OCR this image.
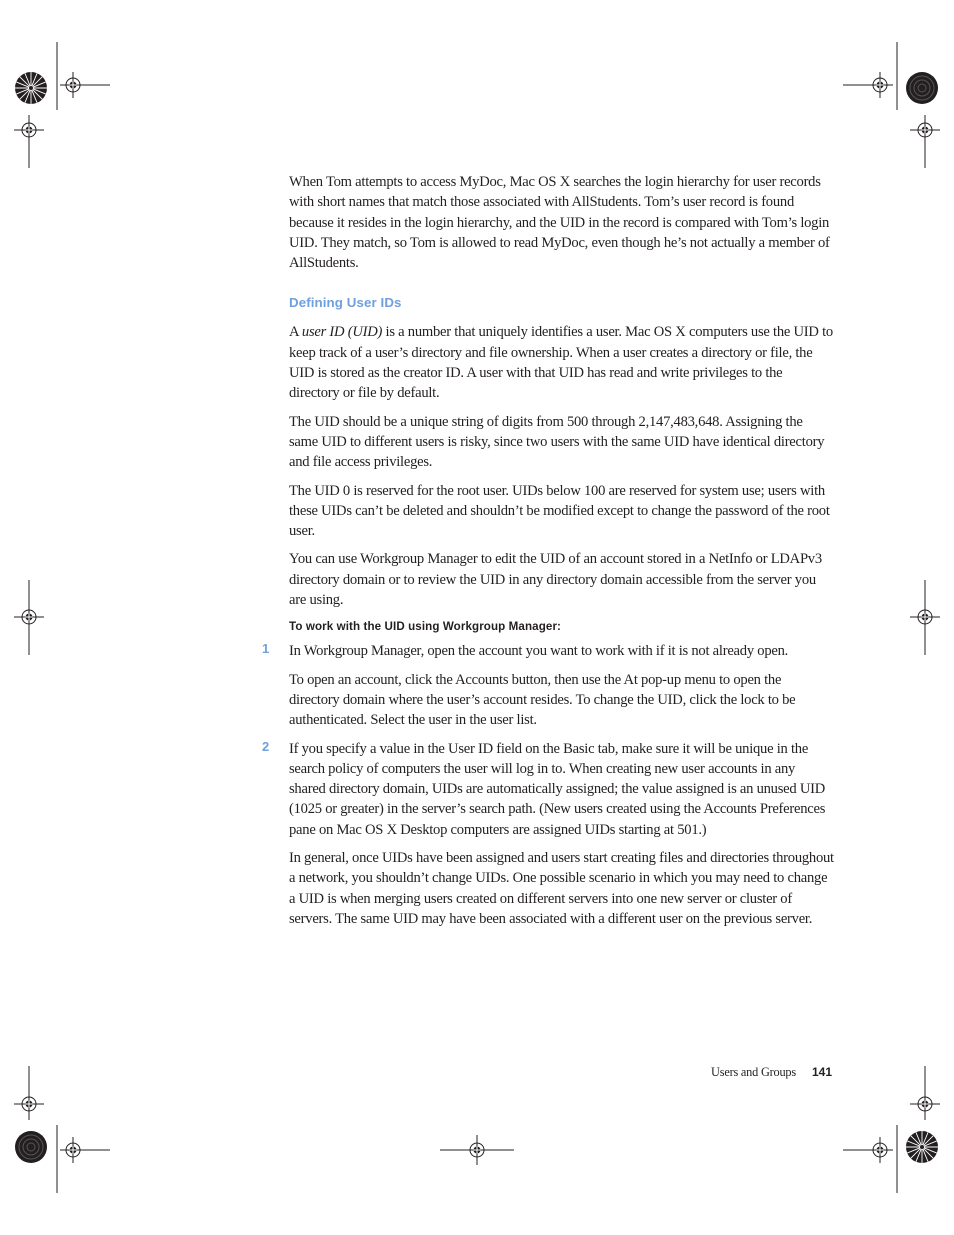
When Tom attempts to access MyDoc, Mac OS X searches the login hierarchy for user records with short names that match those associated with AllStudents. Tom’s user record is found because it resides in the login hierarchy, and the UID in the record is compared with Tom’s login UID. They match, so Tom is allowed to read MyDoc, even though he’s not actually a member of AllStudents.

Defining User IDs

A user ID (UID) is a number that uniquely identifies a user. Mac OS X computers use the UID to keep track of a user’s directory and file ownership. When a user creates a directory or file, the UID is stored as the creator ID. A user with that UID has read and write privileges to the directory or file by default.

The UID should be a unique string of digits from 500 through 2,147,483,648. Assigning the same UID to different users is risky, since two users with the same UID have identical directory and file access privileges.

The UID 0 is reserved for the root user. UIDs below 100 are reserved for system use; users with these UIDs can’t be deleted and shouldn’t be modified except to change the password of the root user.

You can use Workgroup Manager to edit the UID of an account stored in a NetInfo or LDAPv3 directory domain or to review the UID in any directory domain accessible from the server you are using.

To work with the UID using Workgroup Manager:
1 In Workgroup Manager, open the account you want to work with if it is not already open.

To open an account, click the Accounts button, then use the At pop-up menu to open the directory domain where the user’s account resides. To change the UID, click the lock to be authenticated. Select the user in the user list.

2 If you specify a value in the User ID field on the Basic tab, make sure it will be unique in the search policy of computers the user will log in to. When creating new user accounts in any shared directory domain, UIDs are automatically assigned; the value assigned is an unused UID (1025 or greater) in the server’s search path. (New users created using the Accounts Preferences pane on Mac OS X Desktop computers are assigned UIDs starting at 501.)

In general, once UIDs have been assigned and users start creating files and directories throughout a network, you shouldn’t change UIDs. One possible scenario in which you may need to change a UID is when merging users created on different servers into one new server or cluster of servers. The same UID may have been associated with a different user on the previous server.

Users and Groups 141
